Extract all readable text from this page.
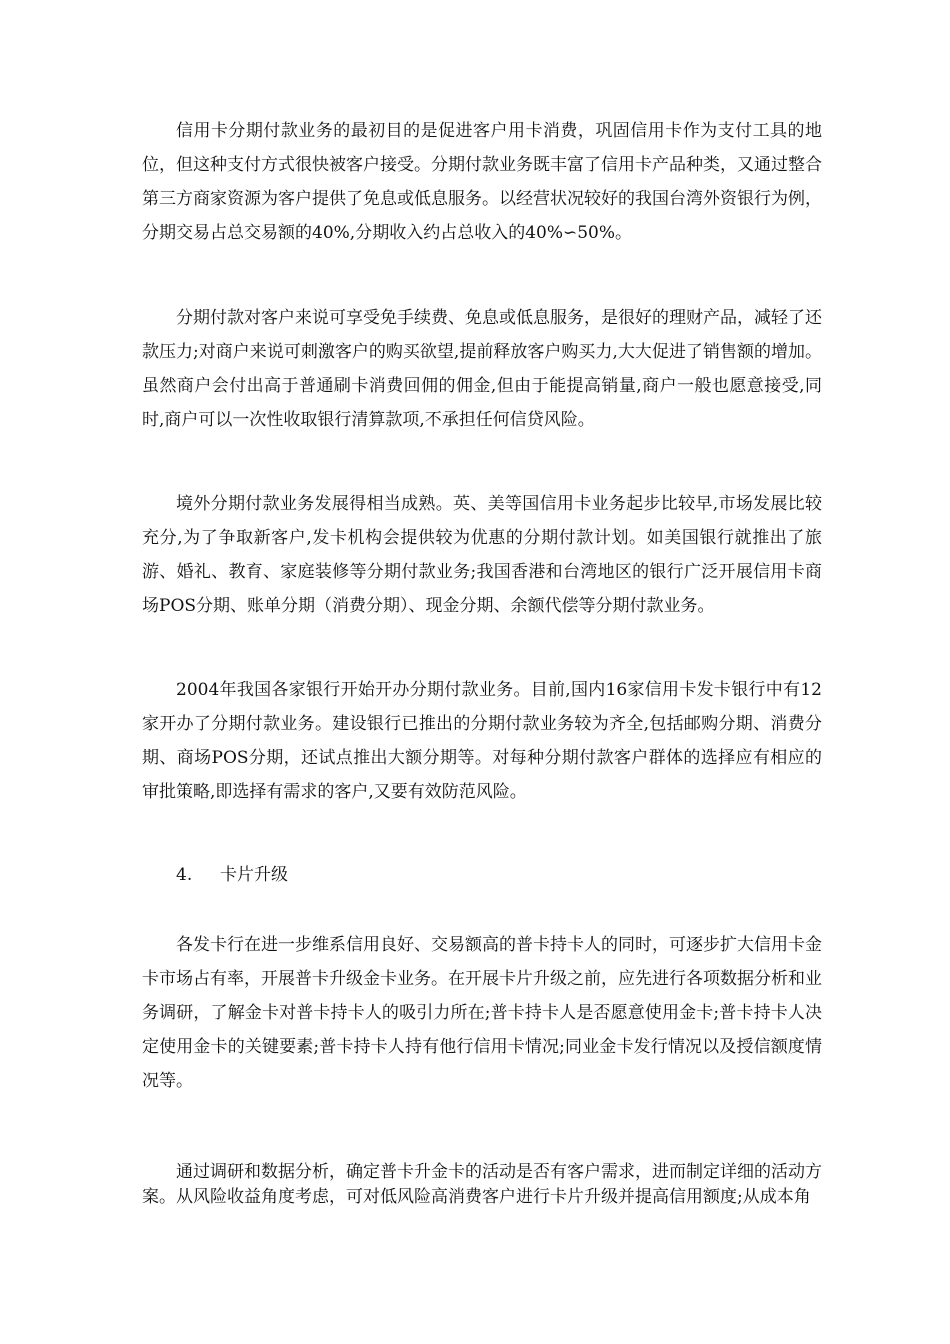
信用卡分期付款业务的最初目的是促进客户用卡消费，巩固信用卡作为支付工具的地位，但这种支付方式很快被客户接受。分期付款业务既丰富了信用卡产品种类，又通过整合第三方商家资源为客户提供了免息或低息服务。以经营状况较好的我国台湾外资银行为例，分期交易占总交易额的40%,分期收入约占总收入的40%∽50%。

分期付款对客户来说可享受免手续费、免息或低息服务，是很好的理财产品，减轻了还款压力;对商户来说可刺激客户的购买欲望,提前释放客户购买力,大大促进了销售额的增加。虽然商户会付出高于普通刷卡消费回佣的佣金,但由于能提高销量,商户一般也愿意接受,同时,商户可以一次性收取银行清算款项,不承担任何信贷风险。

境外分期付款业务发展得相当成熟。英、美等国信用卡业务起步比较早,市场发展比较充分,为了争取新客户,发卡机构会提供较为优惠的分期付款计划。如美国银行就推出了旅游、婚礼、教育、家庭装修等分期付款业务;我国香港和台湾地区的银行广泛开展信用卡商场POS分期、账单分期（消费分期）、现金分期、余额代偿等分期付款业务。

2004年我国各家银行开始开办分期付款业务。目前,国内16家信用卡发卡银行中有12家开办了分期付款业务。建设银行已推出的分期付款业务较为齐全,包括邮购分期、消费分期、商场POS分期，还试点推出大额分期等。对每种分期付款客户群体的选择应有相应的审批策略,即选择有需求的客户,又要有效防范风险。

4. 卡片升级

各发卡行在进一步维系信用良好、交易额高的普卡持卡人的同时，可逐步扩大信用卡金卡市场占有率，开展普卡升级金卡业务。在开展卡片升级之前，应先进行各项数据分析和业务调研，了解金卡对普卡持卡人的吸引力所在;普卡持卡人是否愿意使用金卡;普卡持卡人决定使用金卡的关键要素;普卡持卡人持有他行信用卡情况;同业金卡发行情况以及授信额度情况等。

通过调研和数据分析，确定普卡升金卡的活动是否有客户需求，进而制定详细的活动方案。从风险收益角度考虑，可对低风险高消费客户进行卡片升级并提高信用额度;从成本角
